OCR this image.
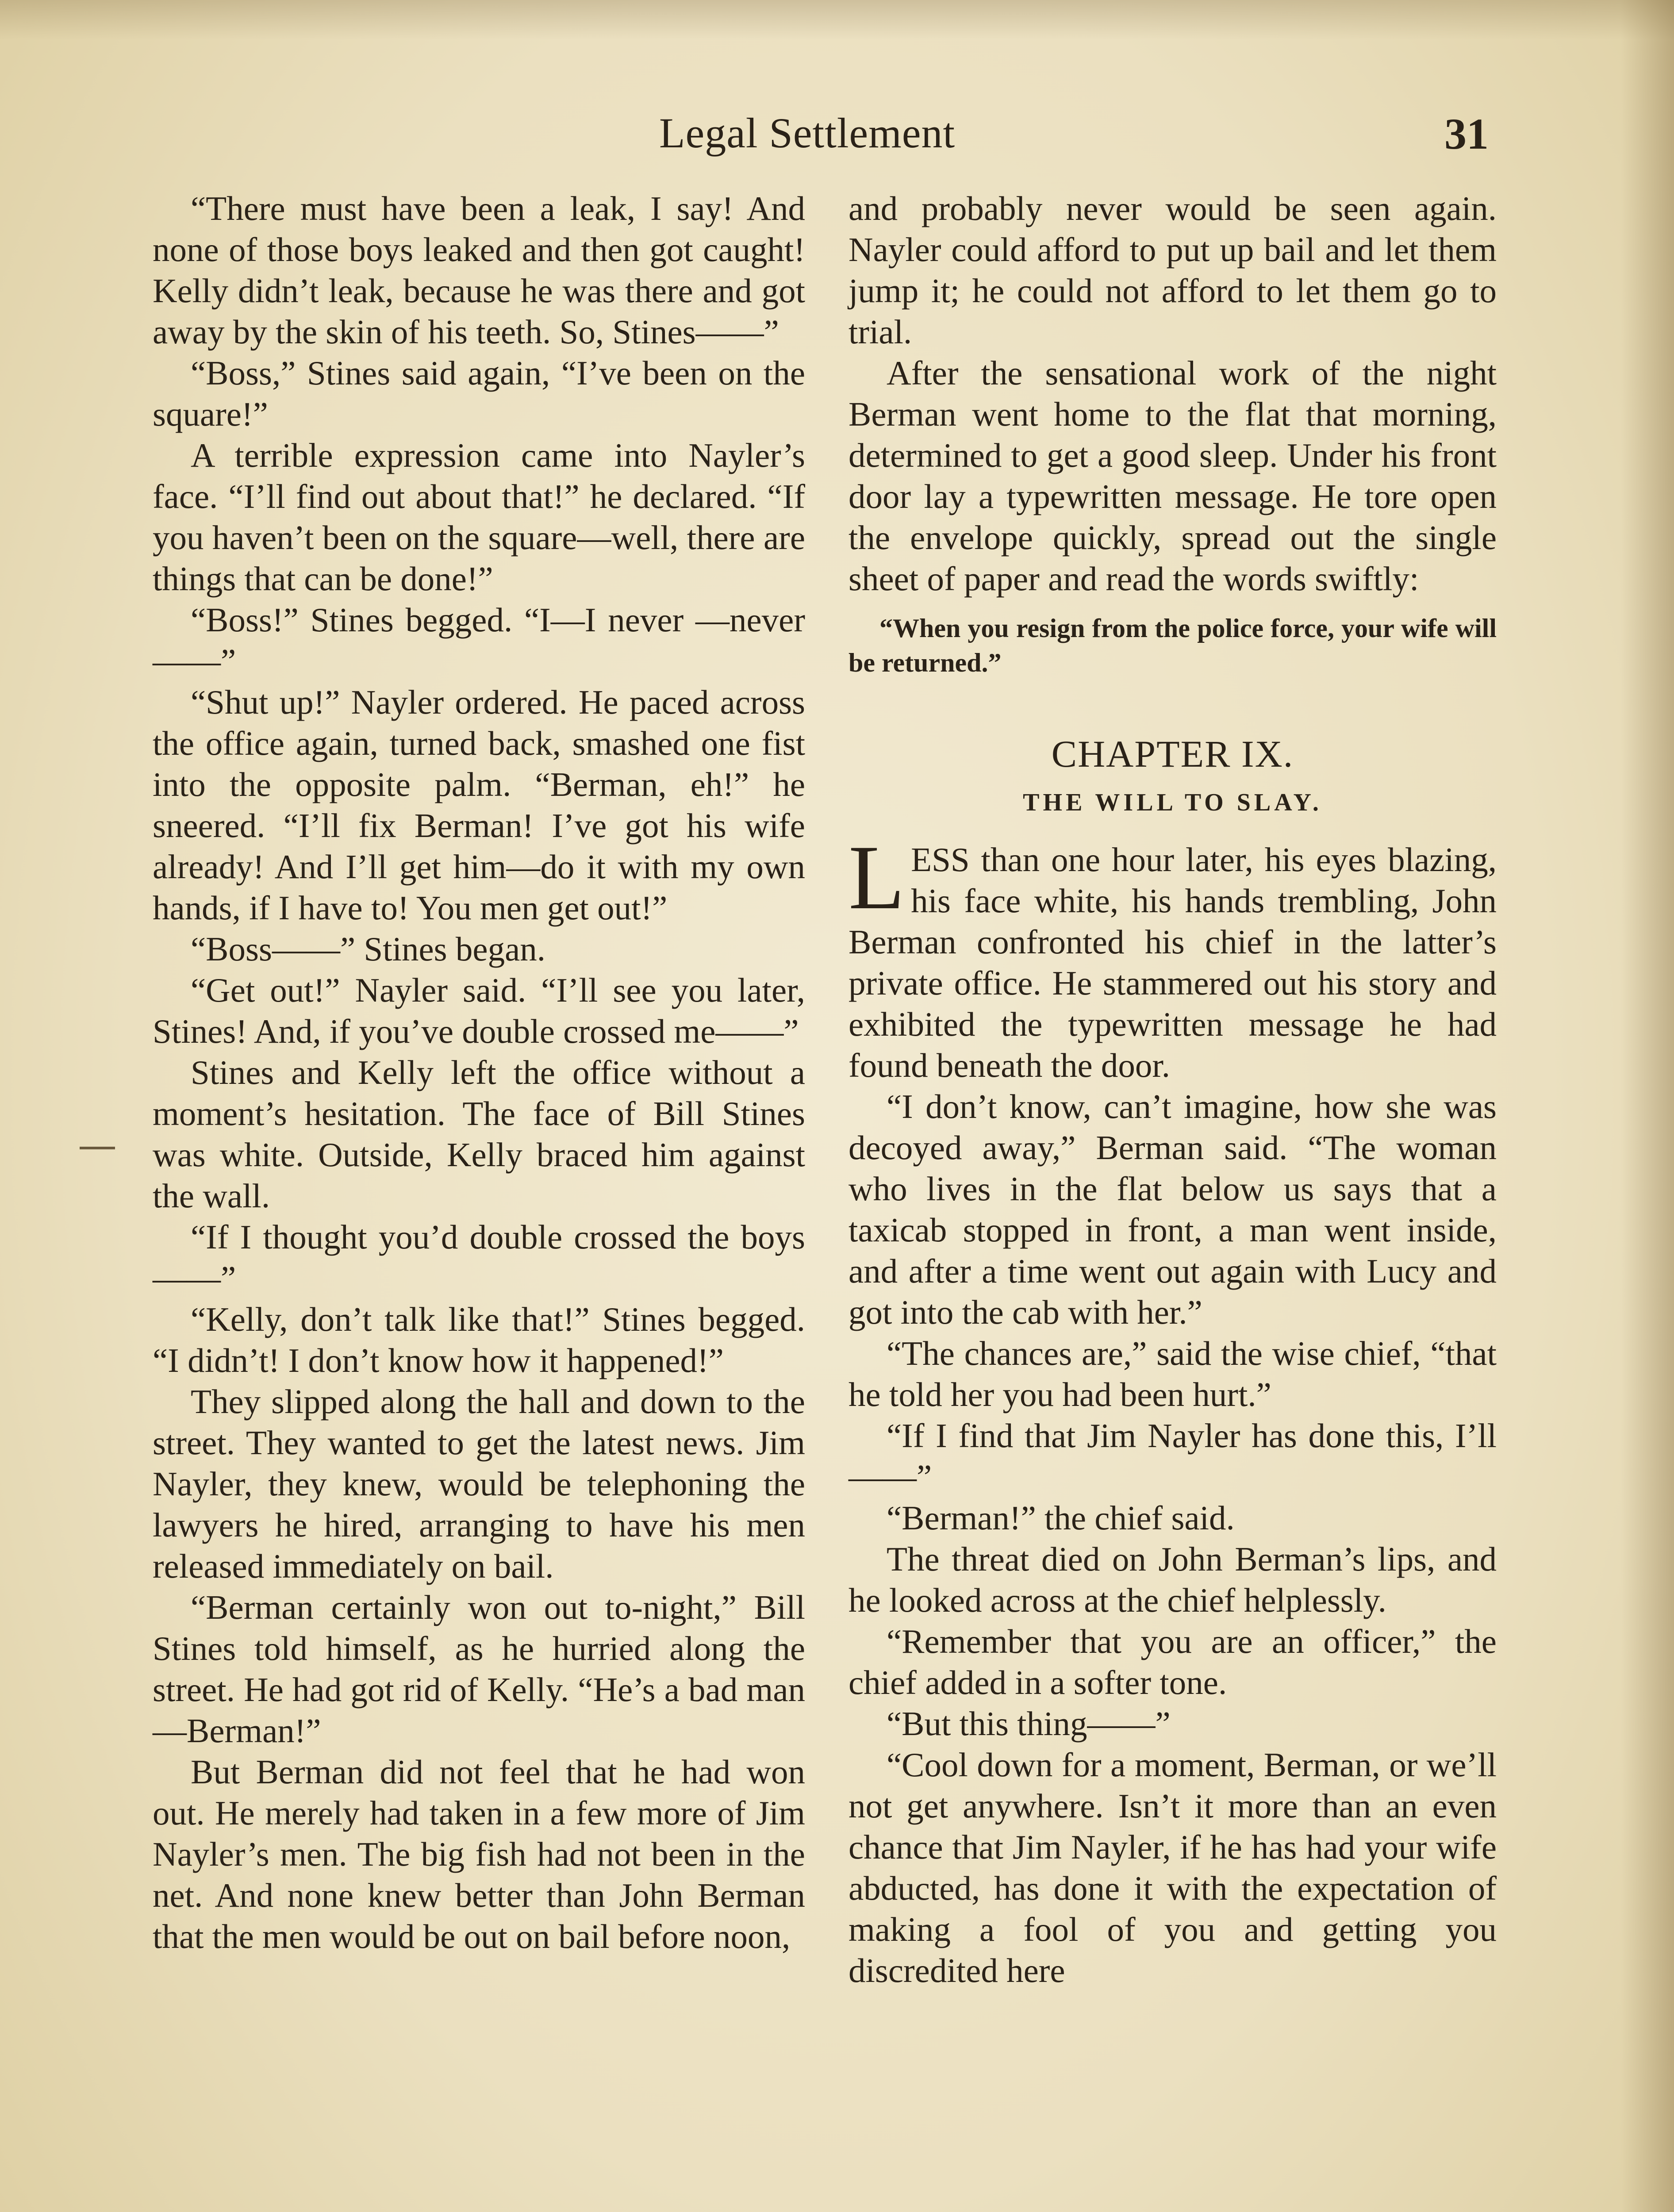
Legal Settlement	31

“There must have been a leak, I say! And none of those boys leaked and then got caught! Kelly didn’t leak, because he was there and got away by the skin of his teeth. So, Stines——”

“Boss,” Stines said again, “I’ve been on the square!”

A terrible expression came into Nayler’s face. “I’ll find out about that!” he declared. “If you haven’t been on the square—well, there are things that can be done!”

“Boss!” Stines begged. “I—I never —never——”

“Shut up!” Nayler ordered. He paced across the office again, turned back, smashed one fist into the opposite palm. “Berman, eh!” he sneered. “I’ll fix Berman! I’ve got his wife already! And I’ll get him—do it with my own hands, if I have to! You men get out!”

“Boss——” Stines began.

“Get out!” Nayler said. “I’ll see you later, Stines! And, if you’ve double crossed me——”

Stines and Kelly left the office without a moment’s hesitation. The face of Bill Stines was white. Outside, Kelly braced him against the wall.

“If I thought you’d double crossed the boys——”

“Kelly, don’t talk like that!” Stines begged. “I didn’t! I don’t know how it happened!”

They slipped along the hall and down to the street. They wanted to get the latest news. Jim Nayler, they knew, would be telephoning the lawyers he hired, arranging to have his men released immediately on bail.

“Berman certainly won out to-night,” Bill Stines told himself, as he hurried along the street. He had got rid of Kelly. “He’s a bad man—Berman!”

But Berman did not feel that he had won out. He merely had taken in a few more of Jim Nayler’s men. The big fish had not been in the net. And none knew better than John Berman that the men would be out on bail before noon,

and probably never would be seen again. Nayler could afford to put up bail and let them jump it; he could not afford to let them go to trial.

After the sensational work of the night Berman went home to the flat that morning, determined to get a good sleep. Under his front door lay a typewritten message. He tore open the envelope quickly, spread out the single sheet of paper and read the words swiftly:

“When you resign from the police force, your wife will be returned.”

CHAPTER IX.
THE WILL TO SLAY.

LESS than one hour later, his eyes blazing, his face white, his hands trembling, John Berman confronted his chief in the latter’s private office. He stammered out his story and exhibited the typewritten message he had found beneath the door.

“I don’t know, can’t imagine, how she was decoyed away,” Berman said. “The woman who lives in the flat below us says that a taxicab stopped in front, a man went inside, and after a time went out again with Lucy and got into the cab with her.”

“The chances are,” said the wise chief, “that he told her you had been hurt.”

“If I find that Jim Nayler has done this, I’ll——”

“Berman!” the chief said.

The threat died on John Berman’s lips, and he looked across at the chief helplessly.

“Remember that you are an officer,” the chief added in a softer tone.

“But this thing——”

“Cool down for a moment, Berman, or we’ll not get anywhere. Isn’t it more than an even chance that Jim Nayler, if he has had your wife abducted, has done it with the expectation of making a fool of you and getting you discredited here
